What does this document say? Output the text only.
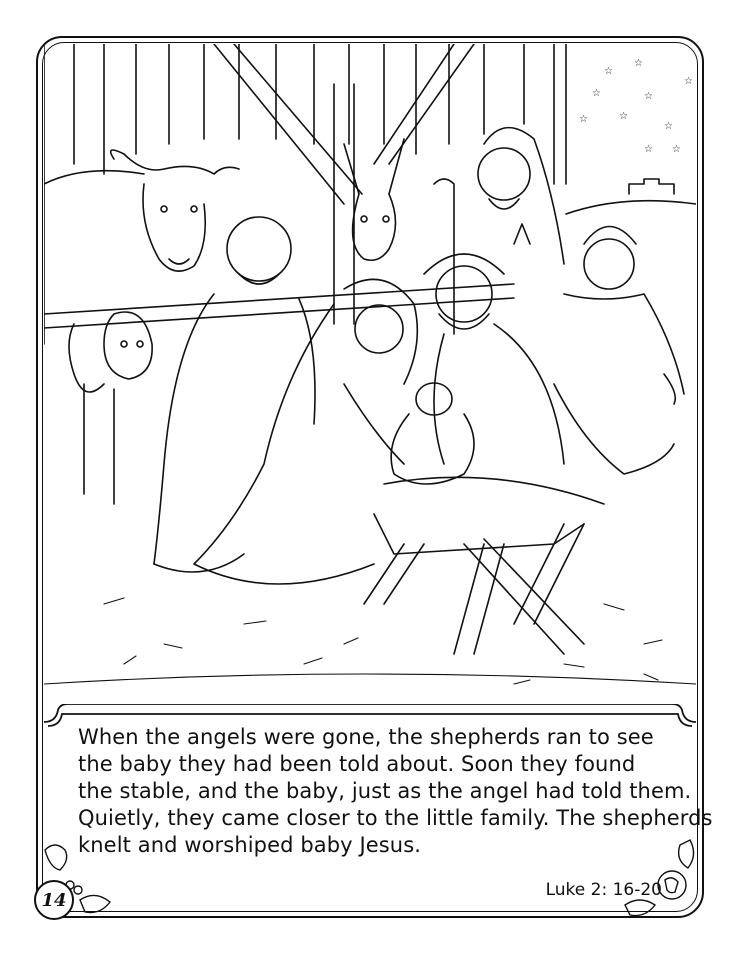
☆
☆
☆	☆
☆
☆
☆
☆
☆
☆

When the angels were gone, the shepherds ran to see
the baby they had been told about. Soon they found
the stable, and the baby, just as the angel had told them.
Quietly, they came closer to the little family. The shepherds
knelt and worshiped baby Jesus.

Luke 2: 16-20

14
